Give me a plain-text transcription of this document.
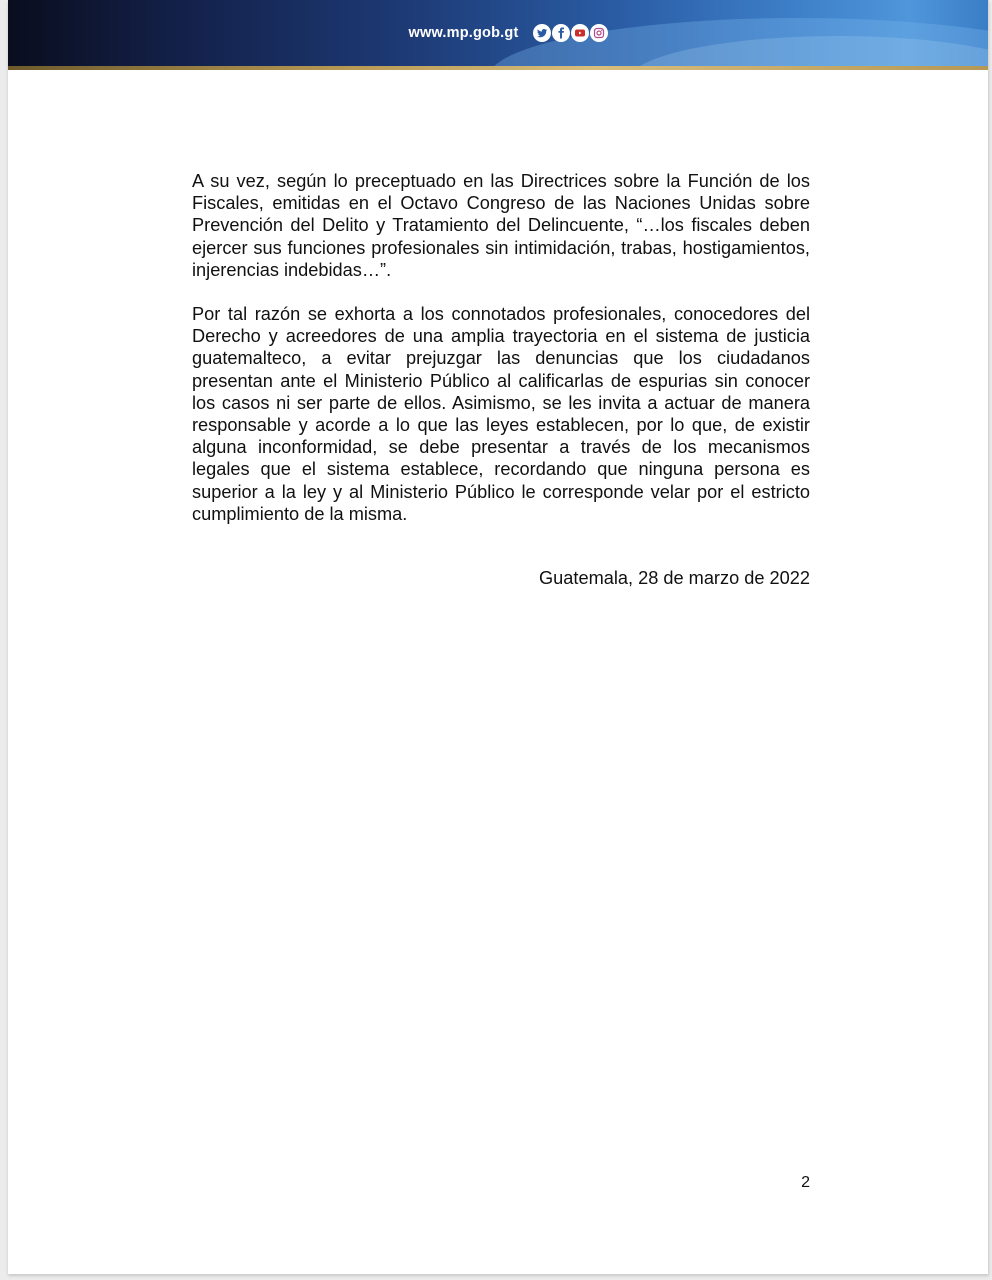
www.mp.gob.gt

A su vez, según lo preceptuado en las Directrices sobre la Función de los Fiscales, emitidas en el Octavo Congreso de las Naciones Unidas sobre Prevención del Delito y Tratamiento del Delincuente, “…los fiscales deben ejercer sus funciones profesionales sin intimidación, trabas, hostigamientos, injerencias indebidas…”.

Por tal razón se exhorta a los connotados profesionales, conocedores del Derecho y acreedores de una amplia trayectoria en el sistema de justicia guatemalteco, a evitar prejuzgar las denuncias que los ciudadanos presentan ante el Ministerio Público al calificarlas de espurias sin conocer los casos ni ser parte de ellos. Asimismo, se les invita a actuar de manera responsable y acorde a lo que las leyes establecen, por lo que, de existir alguna inconformidad, se debe presentar a través de los mecanismos legales que el sistema establece, recordando que ninguna persona es superior a la ley y al Ministerio Público le corresponde velar por el estricto cumplimiento de la misma.

Guatemala, 28 de marzo de 2022
2
